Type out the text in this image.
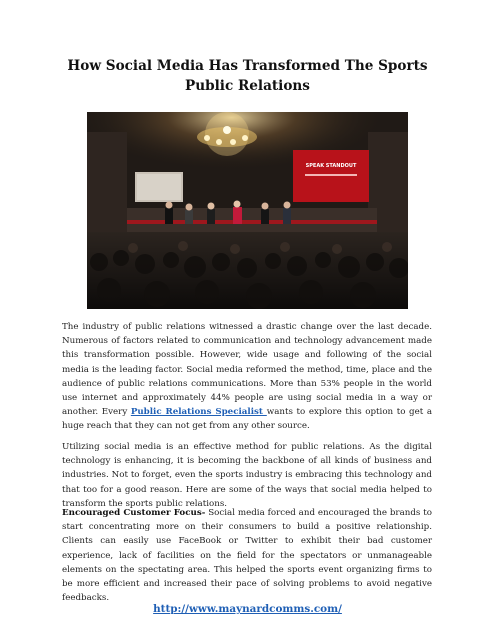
How Social Media Has Transformed The Sports Public Relations
SPEAK STANDOUT

The industry of public relations witnessed a drastic change over the last decade. Numerous of factors related to communication and technology advancement made this transformation possible. However, wide usage and following of the social media is the leading factor. Social media reformed the method, time, place and the audience of public relations communications. More than 53% people in the world use internet and approximately 44% people are using social media in a way or another. Every Public Relations Specialist wants to explore this option to get a huge reach that they can not get from any other source.

Utilizing social media is an effective method for public relations. As the digital technology is enhancing, it is becoming the backbone of all kinds of business and industries. Not to forget, even the sports industry is embracing this technology and that too for a good reason. Here are some of the ways that social media helped to transform the sports public relations.

Encouraged Customer Focus- Social media forced and encouraged the brands to start concentrating more on their consumers to build a positive relationship. Clients can easily use FaceBook or Twitter to exhibit their bad customer experience, lack of facilities on the field for the spectators or unmanageable elements on the spectating area. This helped the sports event organizing firms to be more efficient and increased their pace of solving problems to avoid negative feedbacks.

http://www.maynardcomms.com/
